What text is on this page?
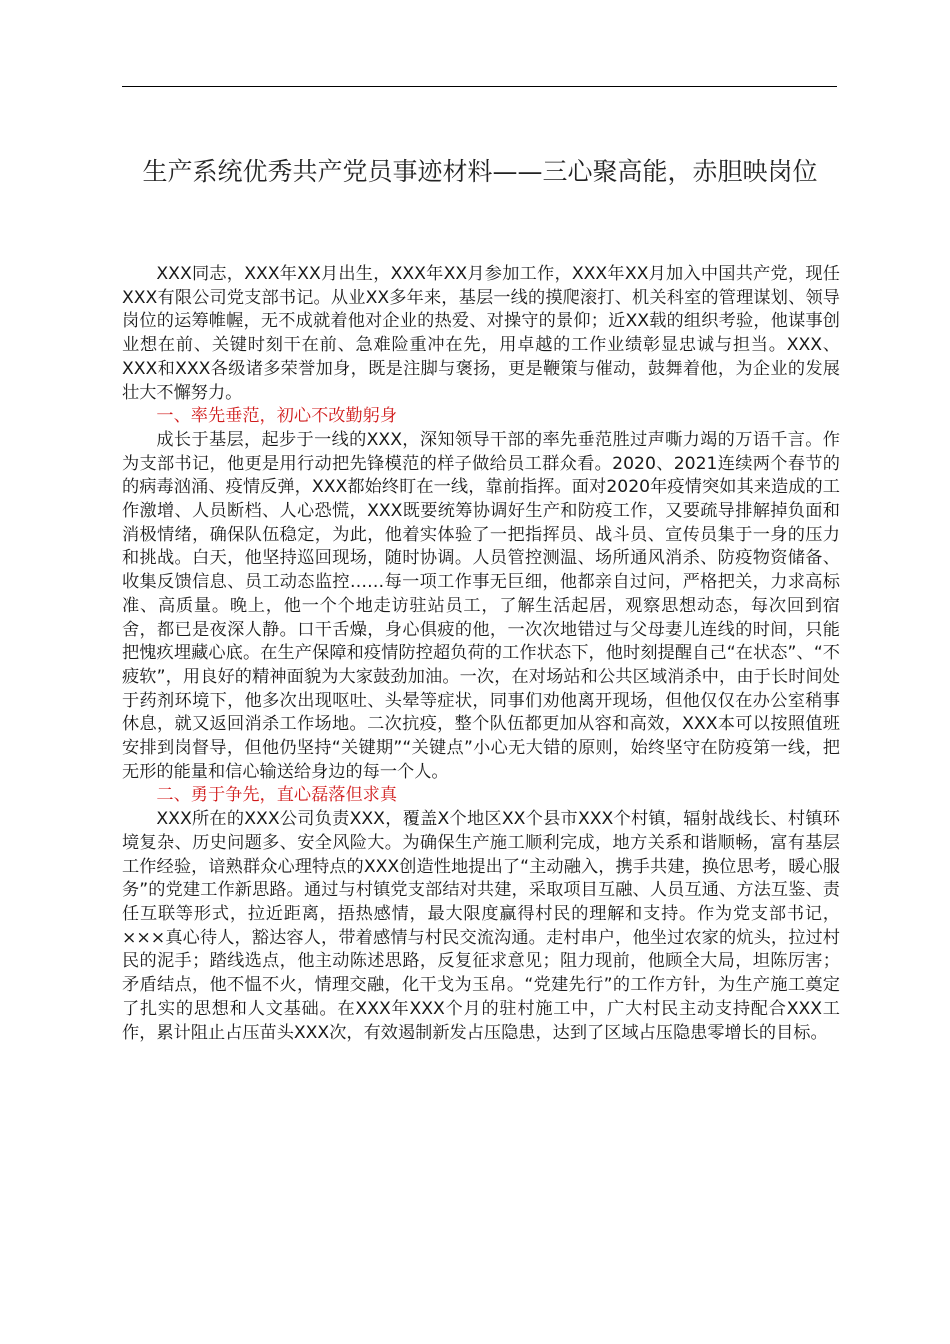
生产系统优秀共产党员事迹材料——三心聚高能，赤胆映岗位

XXX同志，XXX年XX月出生，XXX年XX月参加工作，XXX年XX月加入中国共产党，现任XXX有限公司党支部书记。从业XX多年来，基层一线的摸爬滚打、机关科室的管理谋划、领导岗位的运筹帷幄，无不成就着他对企业的热爱、对操守的景仰；近XX载的组织考验，他谋事创业想在前、关键时刻干在前、急难险重冲在先，用卓越的工作业绩彰显忠诚与担当。XXX、XXX和XXX各级诸多荣誉加身，既是注脚与褒扬，更是鞭策与催动，鼓舞着他，为企业的发展壮大不懈努力。

一、率先垂范，初心不改勤躬身

成长于基层，起步于一线的XXX，深知领导干部的率先垂范胜过声嘶力竭的万语千言。作为支部书记，他更是用行动把先锋模范的样子做给员工群众看。2020、2021连续两个春节的的病毒汹涌、疫情反弹，XXX都始终盯在一线，靠前指挥。面对2020年疫情突如其来造成的工作激增、人员断档、人心恐慌，XXX既要统筹协调好生产和防疫工作，又要疏导排解掉负面和消极情绪，确保队伍稳定，为此，他着实体验了一把指挥员、战斗员、宣传员集于一身的压力和挑战。白天，他坚持巡回现场，随时协调。人员管控测温、场所通风消杀、防疫物资储备、收集反馈信息、员工动态监控……每一项工作事无巨细，他都亲自过问，严格把关，力求高标准、高质量。晚上，他一个个地走访驻站员工，了解生活起居，观察思想动态，每次回到宿舍，都已是夜深人静。口干舌燥，身心俱疲的他，一次次地错过与父母妻儿连线的时间，只能把愧疚埋藏心底。在生产保障和疫情防控超负荷的工作状态下，他时刻提醒自己“在状态”、“不疲软”，用良好的精神面貌为大家鼓劲加油。一次，在对场站和公共区域消杀中，由于长时间处于药剂环境下，他多次出现呕吐、头晕等症状，同事们劝他离开现场，但他仅仅在办公室稍事休息，就又返回消杀工作场地。二次抗疫，整个队伍都更加从容和高效，XXX本可以按照值班安排到岗督导，但他仍坚持“关键期”“关键点”小心无大错的原则，始终坚守在防疫第一线，把无形的能量和信心输送给身边的每一个人。

二、勇于争先，直心磊落但求真

XXX所在的XXX公司负责XXX，覆盖X个地区XX个县市XXX个村镇，辐射战线长、村镇环境复杂、历史问题多、安全风险大。为确保生产施工顺利完成，地方关系和谐顺畅，富有基层工作经验，谙熟群众心理特点的XXX创造性地提出了“主动融入，携手共建，换位思考，暖心服务”的党建工作新思路。通过与村镇党支部结对共建，采取项目互融、人员互通、方法互鉴、责任互联等形式，拉近距离，捂热感情，最大限度赢得村民的理解和支持。作为党支部书记，×××真心待人，豁达容人，带着感情与村民交流沟通。走村串户，他坐过农家的炕头，拉过村民的泥手；踏线选点，他主动陈述思路，反复征求意见；阻力现前，他顾全大局，坦陈厉害；矛盾结点，他不愠不火，情理交融，化干戈为玉帛。“党建先行”的工作方针，为生产施工奠定了扎实的思想和人文基础。在XXX年XXX个月的驻村施工中，广大村民主动支持配合XXX工作，累计阻止占压苗头XXX次，有效遏制新发占压隐患，达到了区域占压隐患零增长的目标。
